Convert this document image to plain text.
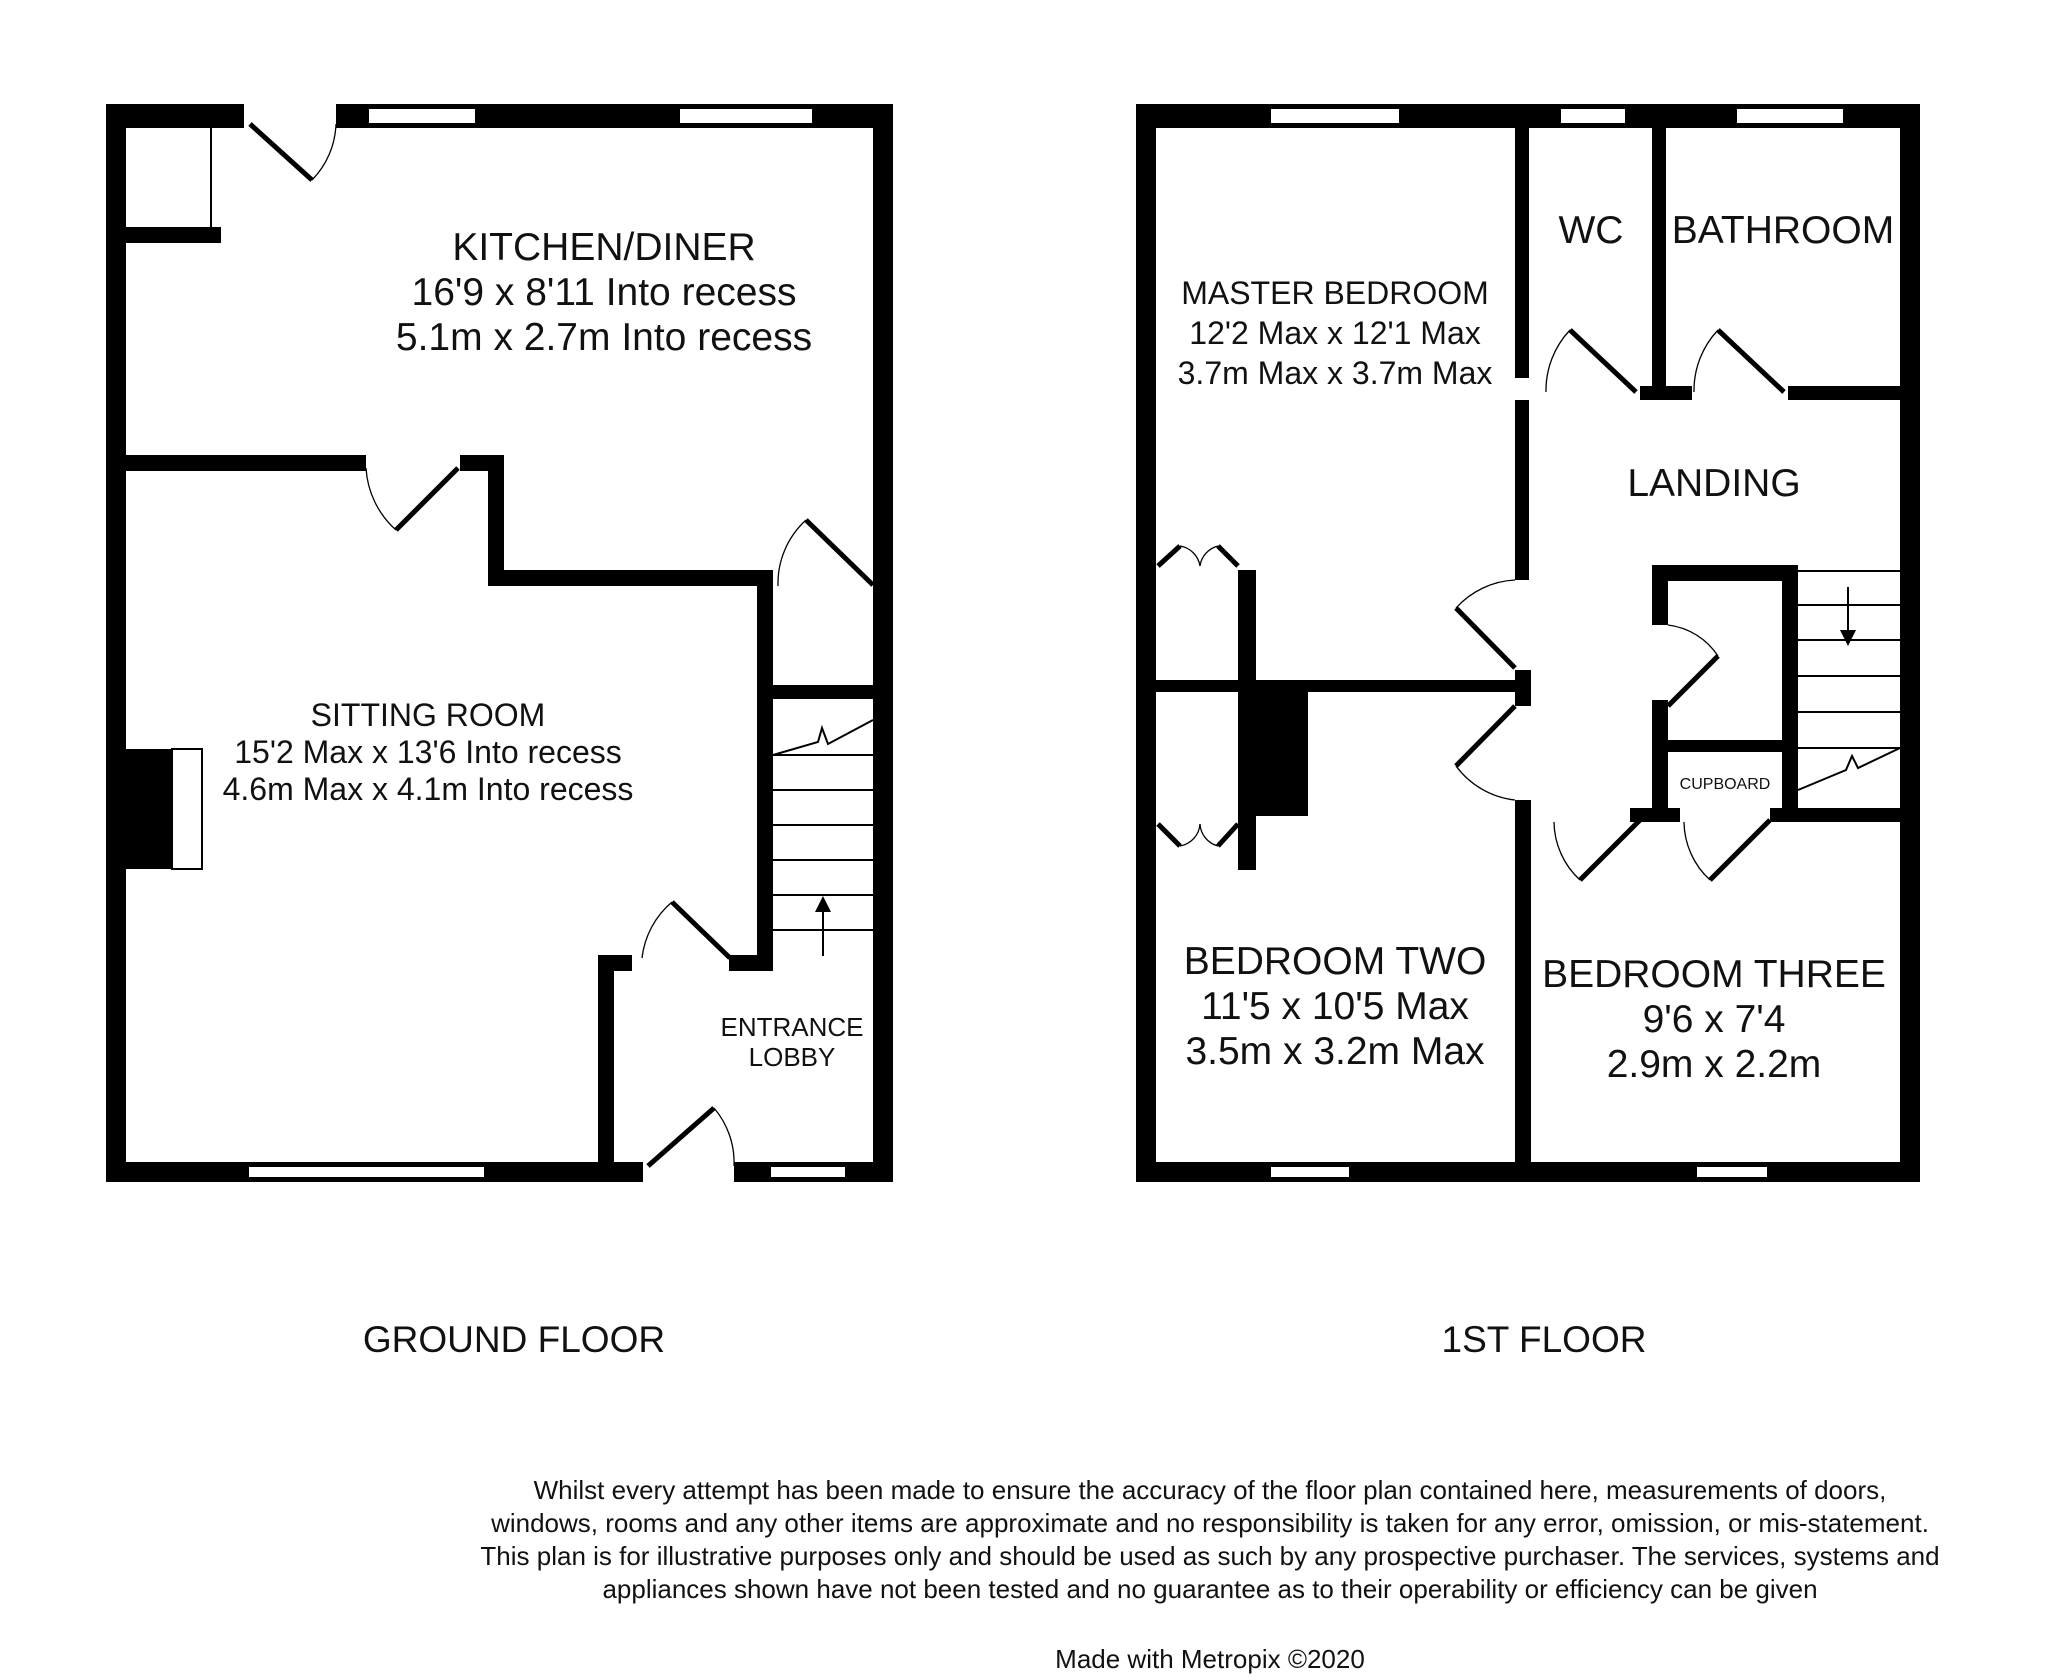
KITCHEN/DINER
16'9 x 8'11 Into recess
5.1m x 2.7m Into recess
SITTING ROOM
15'2 Max x 13'6 Into recess
4.6m Max x 4.1m Into recess
ENTRANCE
LOBBY
GROUND FLOOR
MASTER BEDROOM
12'2 Max x 12'1 Max
3.7m Max x 3.7m Max
WC BATHROOM
LANDING
CUPBOARD
BEDROOM TWO
11'5 x 10'5 Max
3.5m x 3.2m Max
BEDROOM THREE
9'6 x 7'4
2.9m x 2.2m
1ST FLOOR
Whilst every attempt has been made to ensure the accuracy of the floor plan contained here, measurements of doors, windows, rooms and any other items are approximate and no responsibility is taken for any error, omission, or mis-statement. This plan is for illustrative purposes only and should be used as such by any prospective purchaser. The services, systems and appliances shown have not been tested and no guarantee as to their operability or efficiency can be given
Made with Metropix ©2020
